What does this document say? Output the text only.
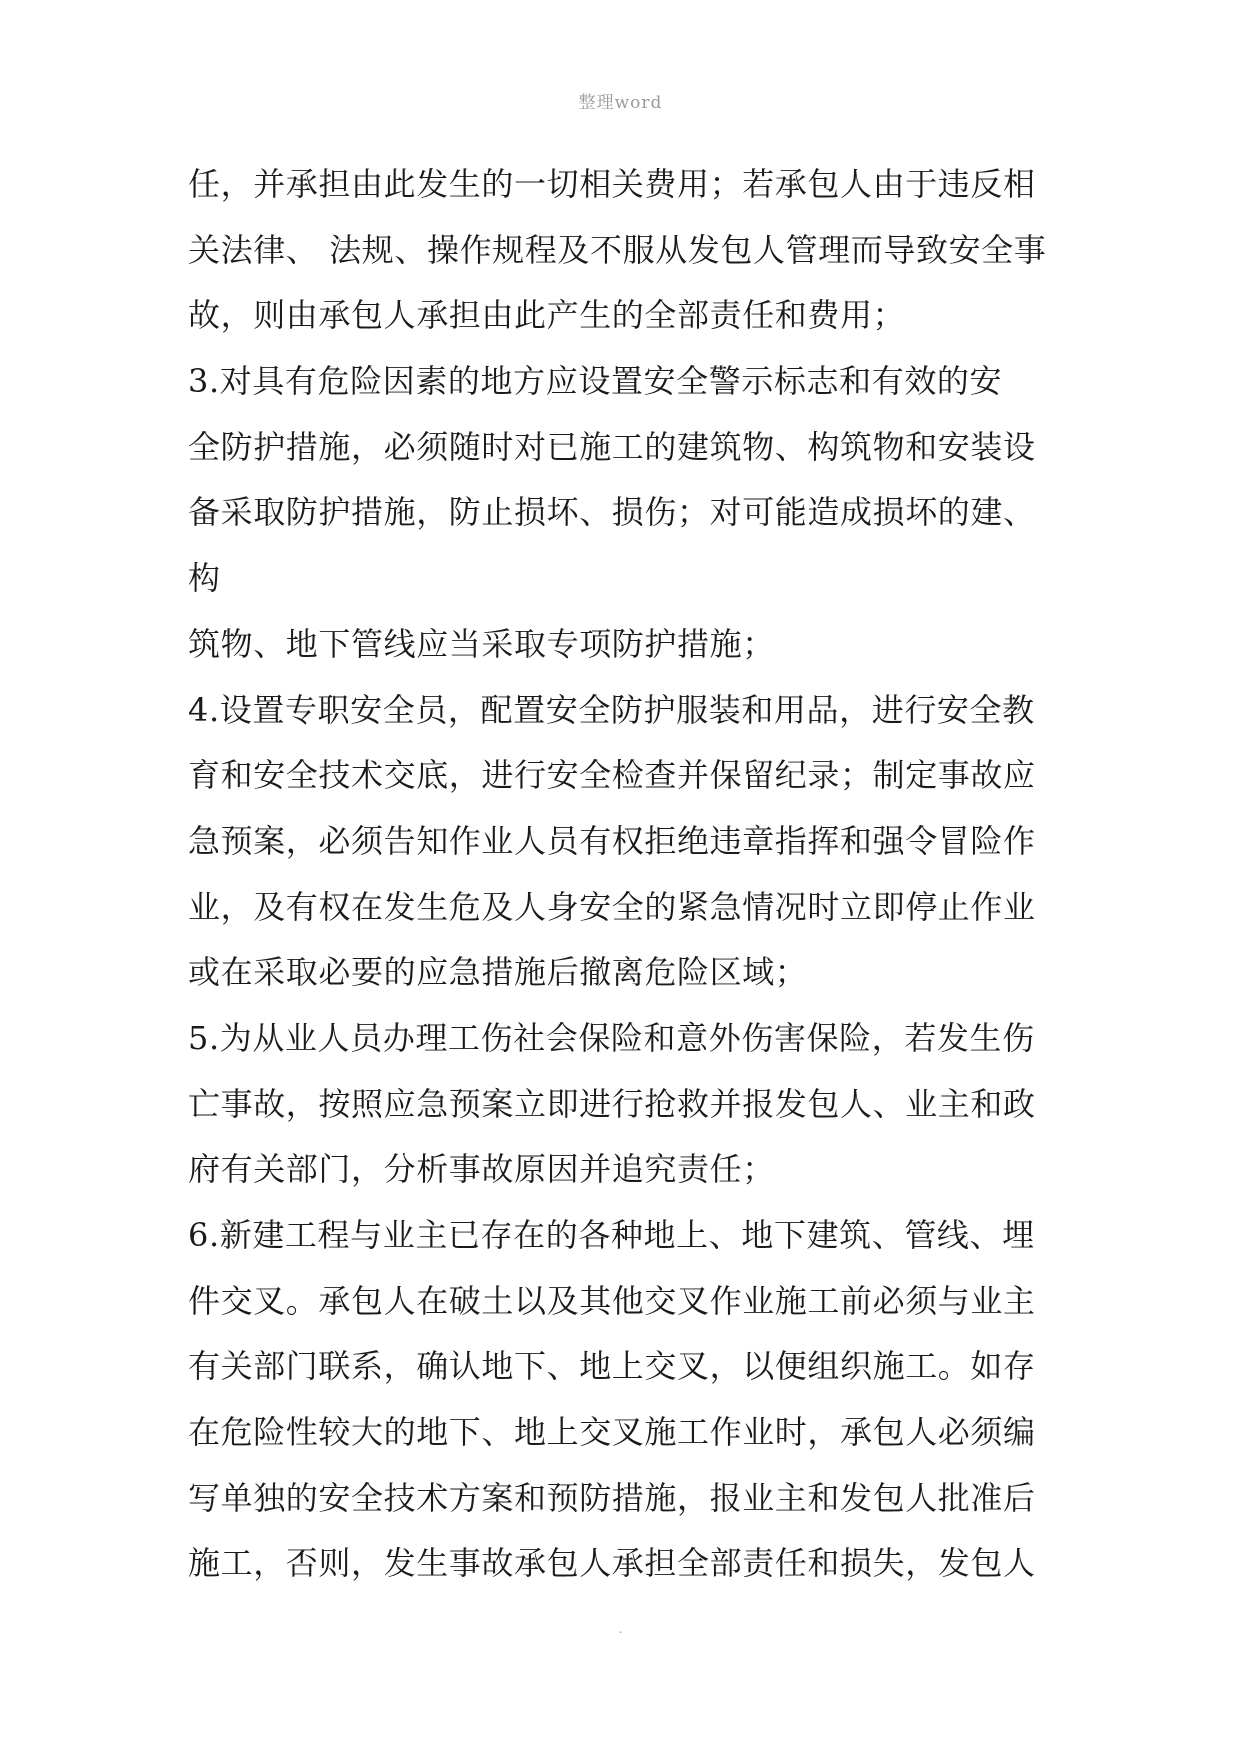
整理word
任，并承担由此发生的一切相关费用；若承包人由于违反相
关法律、 法规、操作规程及不服从发包人管理而导致安全事
故，则由承包人承担由此产生的全部责任和费用；
3.对具有危险因素的地方应设置安全警示标志和有效的安
全防护措施，必须随时对已施工的建筑物、构筑物和安装设
备采取防护措施，防止损坏、损伤；对可能造成损坏的建、
构
筑物、地下管线应当采取专项防护措施；
4.设置专职安全员，配置安全防护服装和用品，进行安全教
育和安全技术交底，进行安全检查并保留纪录；制定事故应
急预案，必须告知作业人员有权拒绝违章指挥和强令冒险作
业，及有权在发生危及人身安全的紧急情况时立即停止作业
或在采取必要的应急措施后撤离危险区域；
5.为从业人员办理工伤社会保险和意外伤害保险，若发生伤
亡事故，按照应急预案立即进行抢救并报发包人、业主和政
府有关部门，分析事故原因并追究责任；
6.新建工程与业主已存在的各种地上、地下建筑、管线、埋
件交叉。承包人在破土以及其他交叉作业施工前必须与业主
有关部门联系，确认地下、地上交叉，以便组织施工。如存
在危险性较大的地下、地上交叉施工作业时，承包人必须编
写单独的安全技术方案和预防措施，报业主和发包人批准后
施工，否则，发生事故承包人承担全部责任和损失，发包人
.
